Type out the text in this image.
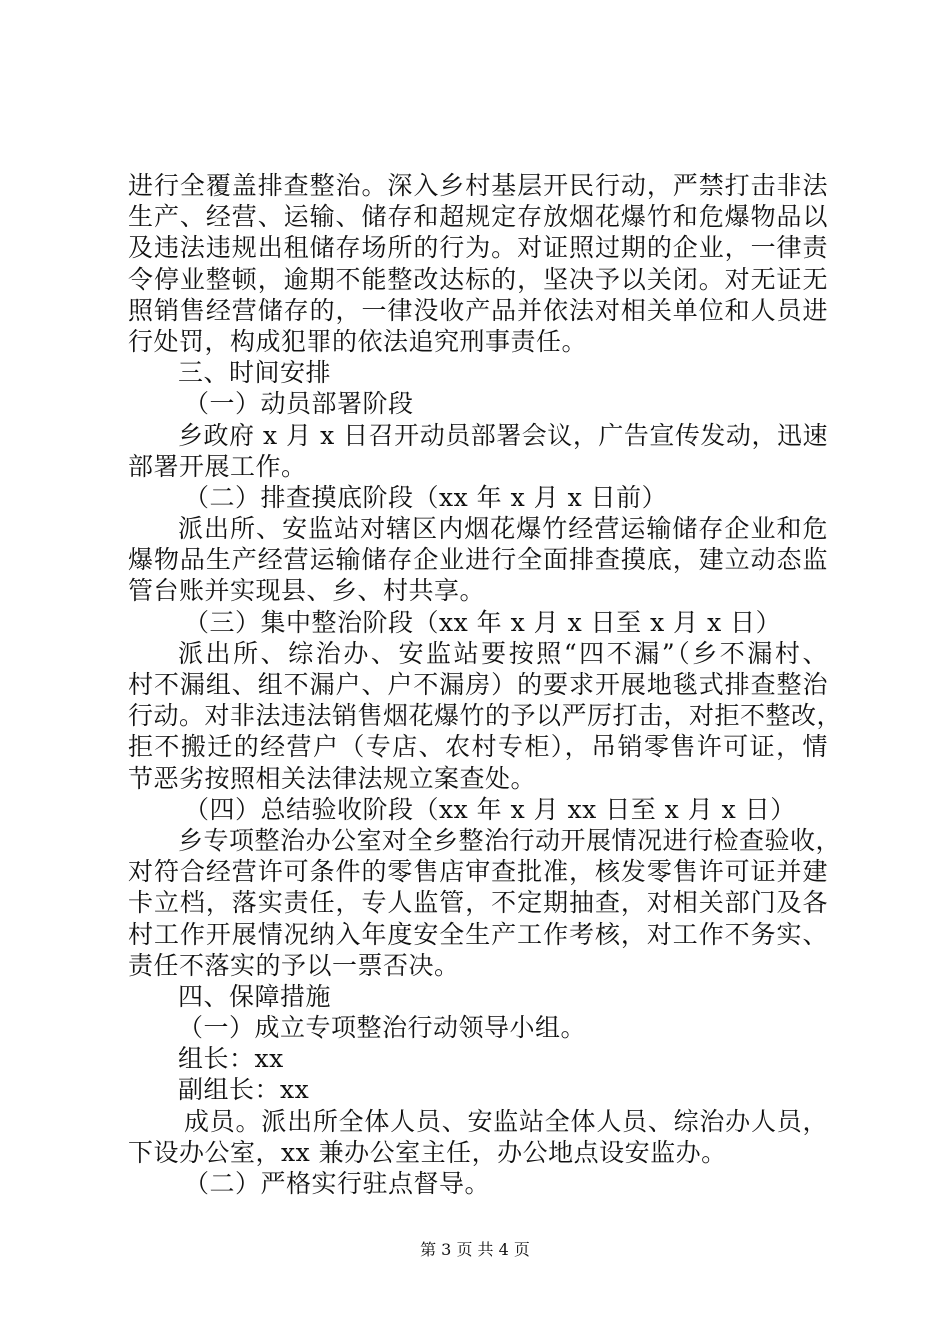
进行全覆盖排查整治。深入乡村基层开民行动，严禁打击非法
生产、经营、运输、储存和超规定存放烟花爆竹和危爆物品以
及违法违规出租储存场所的行为。对证照过期的企业，一律责
令停业整顿，逾期不能整改达标的，坚决予以关闭。对无证无
照销售经营储存的，一律没收产品并依法对相关单位和人员进
行处罚，构成犯罪的依法追究刑事责任。
三、时间安排
（一）动员部署阶段
乡政府 x 月 x 日召开动员部署会议，广告宣传发动，迅速
部署开展工作。
（二）排查摸底阶段（xx 年 x 月 x 日前）
派出所、安监站对辖区内烟花爆竹经营运输储存企业和危
爆物品生产经营运输储存企业进行全面排查摸底，建立动态监
管台账并实现县、乡、村共享。
（三）集中整治阶段（xx 年 x 月 x 日至 x 月 x 日）
派出所、综治办、安监站要按照“四不漏”（乡不漏村、
村不漏组、组不漏户、户不漏房）的要求开展地毯式排查整治
行动。对非法违法销售烟花爆竹的予以严厉打击，对拒不整改，
拒不搬迁的经营户（专店、农村专柜），吊销零售许可证，情
节恶劣按照相关法律法规立案查处。
（四）总结验收阶段（xx 年 x 月 xx 日至 x 月 x 日）
乡专项整治办公室对全乡整治行动开展情况进行检查验收，
对符合经营许可条件的零售店审查批准，核发零售许可证并建
卡立档，落实责任，专人监管，不定期抽查，对相关部门及各
村工作开展情况纳入年度安全生产工作考核，对工作不务实、
责任不落实的予以一票否决。
四、保障措施
（一）成立专项整治行动领导小组。
组长：xx
副组长：xx
成员。派出所全体人员、安监站全体人员、综治办人员，
下设办公室，xx 兼办公室主任，办公地点设安监办。
（二）严格实行驻点督导。
第 3 页 共 4 页
